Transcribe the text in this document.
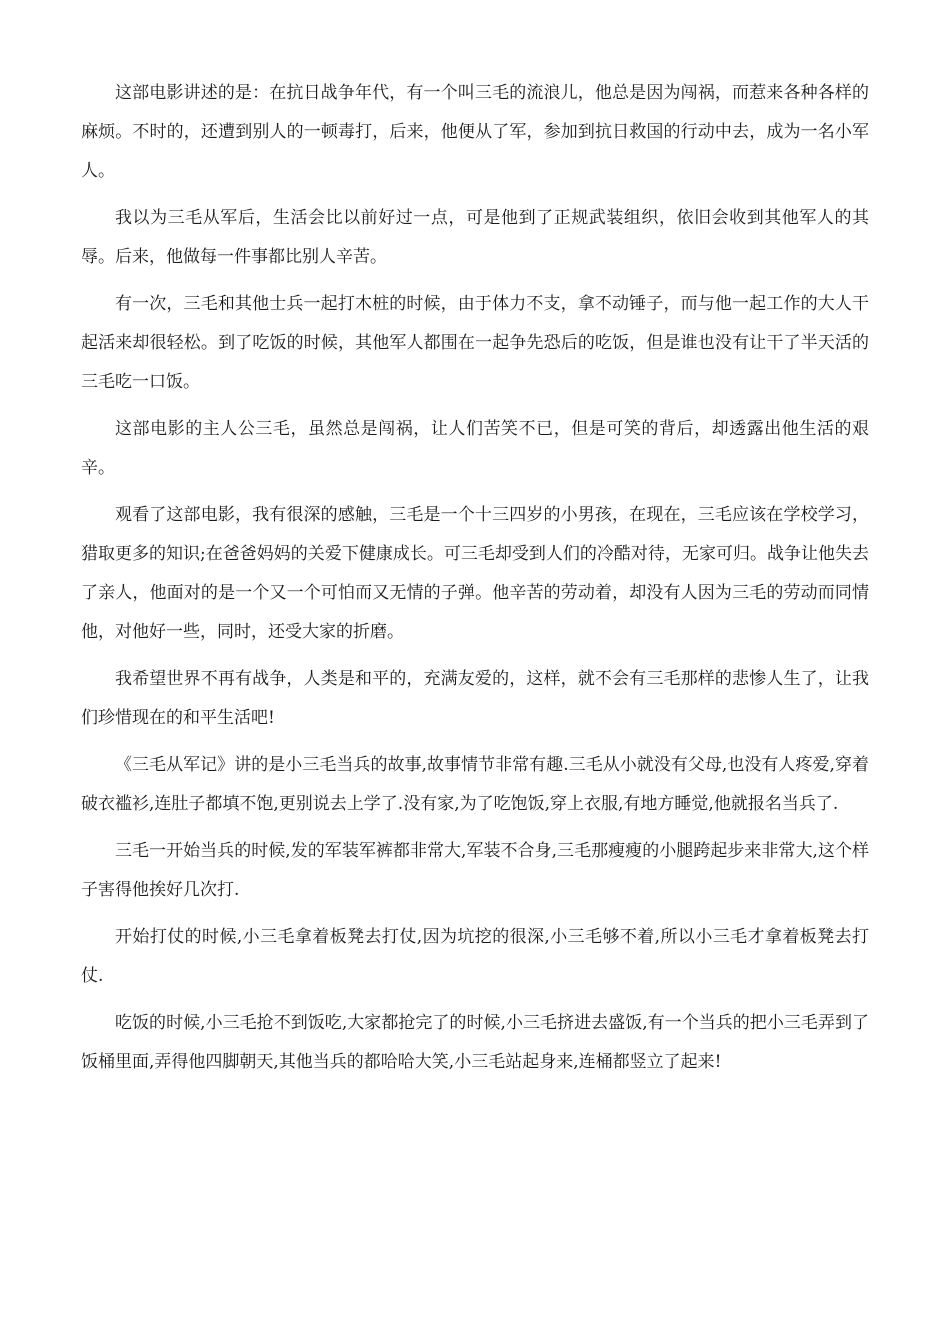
这部电影讲述的是：在抗日战争年代，有一个叫三毛的流浪儿，他总是因为闯祸，而惹来各种各样的麻烦。不时的，还遭到别人的一顿毒打，后来，他便从了军，参加到抗日救国的行动中去，成为一名小军人。

我以为三毛从军后，生活会比以前好过一点，可是他到了正规武装组织，依旧会收到其他军人的其辱。后来，他做每一件事都比别人辛苦。

有一次，三毛和其他士兵一起打木桩的时候，由于体力不支，拿不动锤子，而与他一起工作的大人干起活来却很轻松。到了吃饭的时候，其他军人都围在一起争先恐后的吃饭，但是谁也没有让干了半天活的三毛吃一口饭。

这部电影的主人公三毛，虽然总是闯祸，让人们苦笑不已，但是可笑的背后，却透露出他生活的艰辛。

观看了这部电影，我有很深的感触，三毛是一个十三四岁的小男孩，在现在，三毛应该在学校学习，猎取更多的知识;在爸爸妈妈的关爱下健康成长。可三毛却受到人们的冷酷对待，无家可归。战争让他失去了亲人，他面对的是一个又一个可怕而又无情的子弹。他辛苦的劳动着，却没有人因为三毛的劳动而同情他，对他好一些，同时，还受大家的折磨。

我希望世界不再有战争，人类是和平的，充满友爱的，这样，就不会有三毛那样的悲惨人生了，让我们珍惜现在的和平生活吧!

《三毛从军记》讲的是小三毛当兵的故事,故事情节非常有趣.三毛从小就没有父母,也没有人疼爱,穿着破衣褴衫,连肚子都填不饱,更别说去上学了.没有家,为了吃饱饭,穿上衣服,有地方睡觉,他就报名当兵了.

三毛一开始当兵的时候,发的军装军裤都非常大,军装不合身,三毛那瘦瘦的小腿跨起步来非常大,这个样子害得他挨好几次打.

开始打仗的时候,小三毛拿着板凳去打仗,因为坑挖的很深,小三毛够不着,所以小三毛才拿着板凳去打仗.

吃饭的时候,小三毛抢不到饭吃,大家都抢完了的时候,小三毛挤进去盛饭,有一个当兵的把小三毛弄到了饭桶里面,弄得他四脚朝天,其他当兵的都哈哈大笑,小三毛站起身来,连桶都竖立了起来!
